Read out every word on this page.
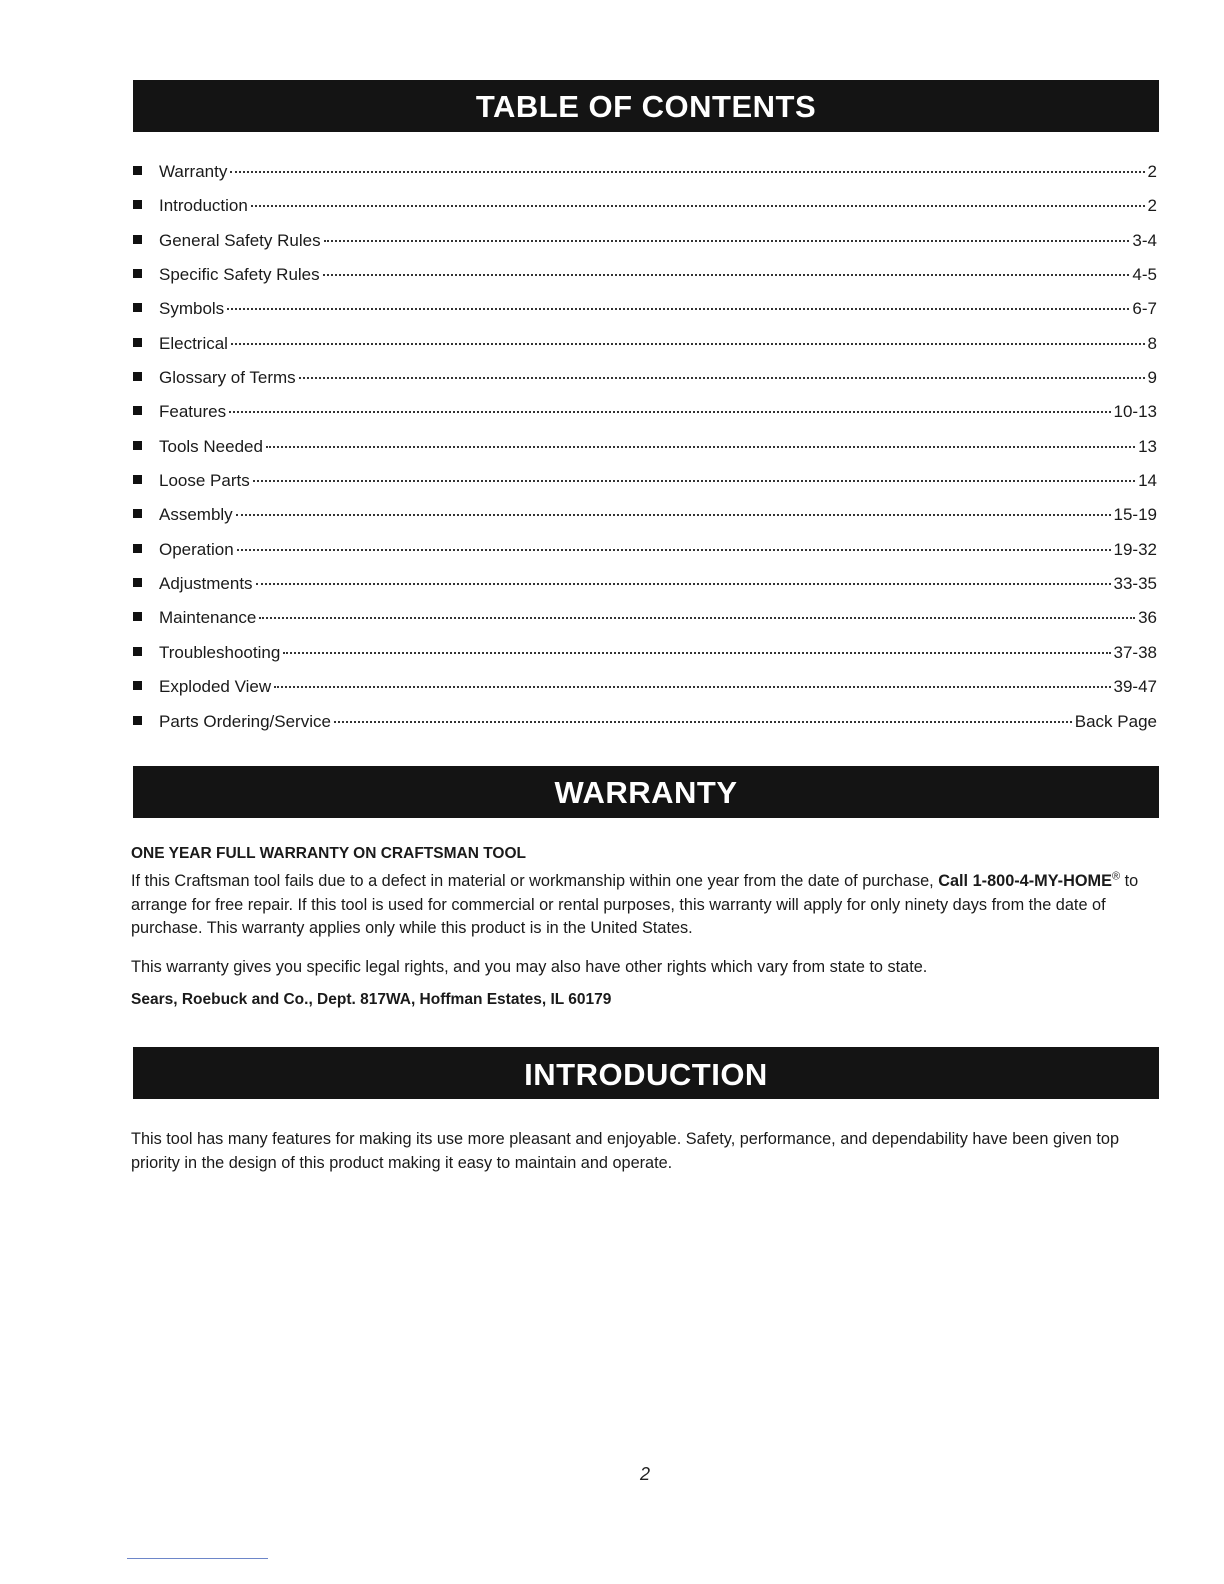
TABLE OF CONTENTS
Warranty	2
Introduction	2
General Safety Rules	3-4
Specific Safety Rules	4-5
Symbols	6-7
Electrical	8
Glossary of Terms	9
Features	10-13
Tools Needed	13
Loose Parts	14
Assembly	15-19
Operation	19-32
Adjustments	33-35
Maintenance	36
Troubleshooting	37-38
Exploded View	39-47
Parts Ordering/Service	Back Page
WARRANTY
ONE YEAR FULL WARRANTY ON CRAFTSMAN TOOL
If this Craftsman tool fails due to a defect in material or workmanship within one year from the date of purchase, Call 1-800-4-MY-HOME® to arrange for free repair. If this tool is used for commercial or rental purposes, this warranty will apply for only ninety days from the date of purchase. This warranty applies only while this product is in the United States.
This warranty gives you specific legal rights, and you may also have other rights which vary from state to state.
Sears, Roebuck and Co., Dept. 817WA, Hoffman Estates, IL 60179
INTRODUCTION
This tool has many features for making its use more pleasant and enjoyable. Safety, performance, and dependability have been given top priority in the design of this product making it easy to maintain and operate.
2
